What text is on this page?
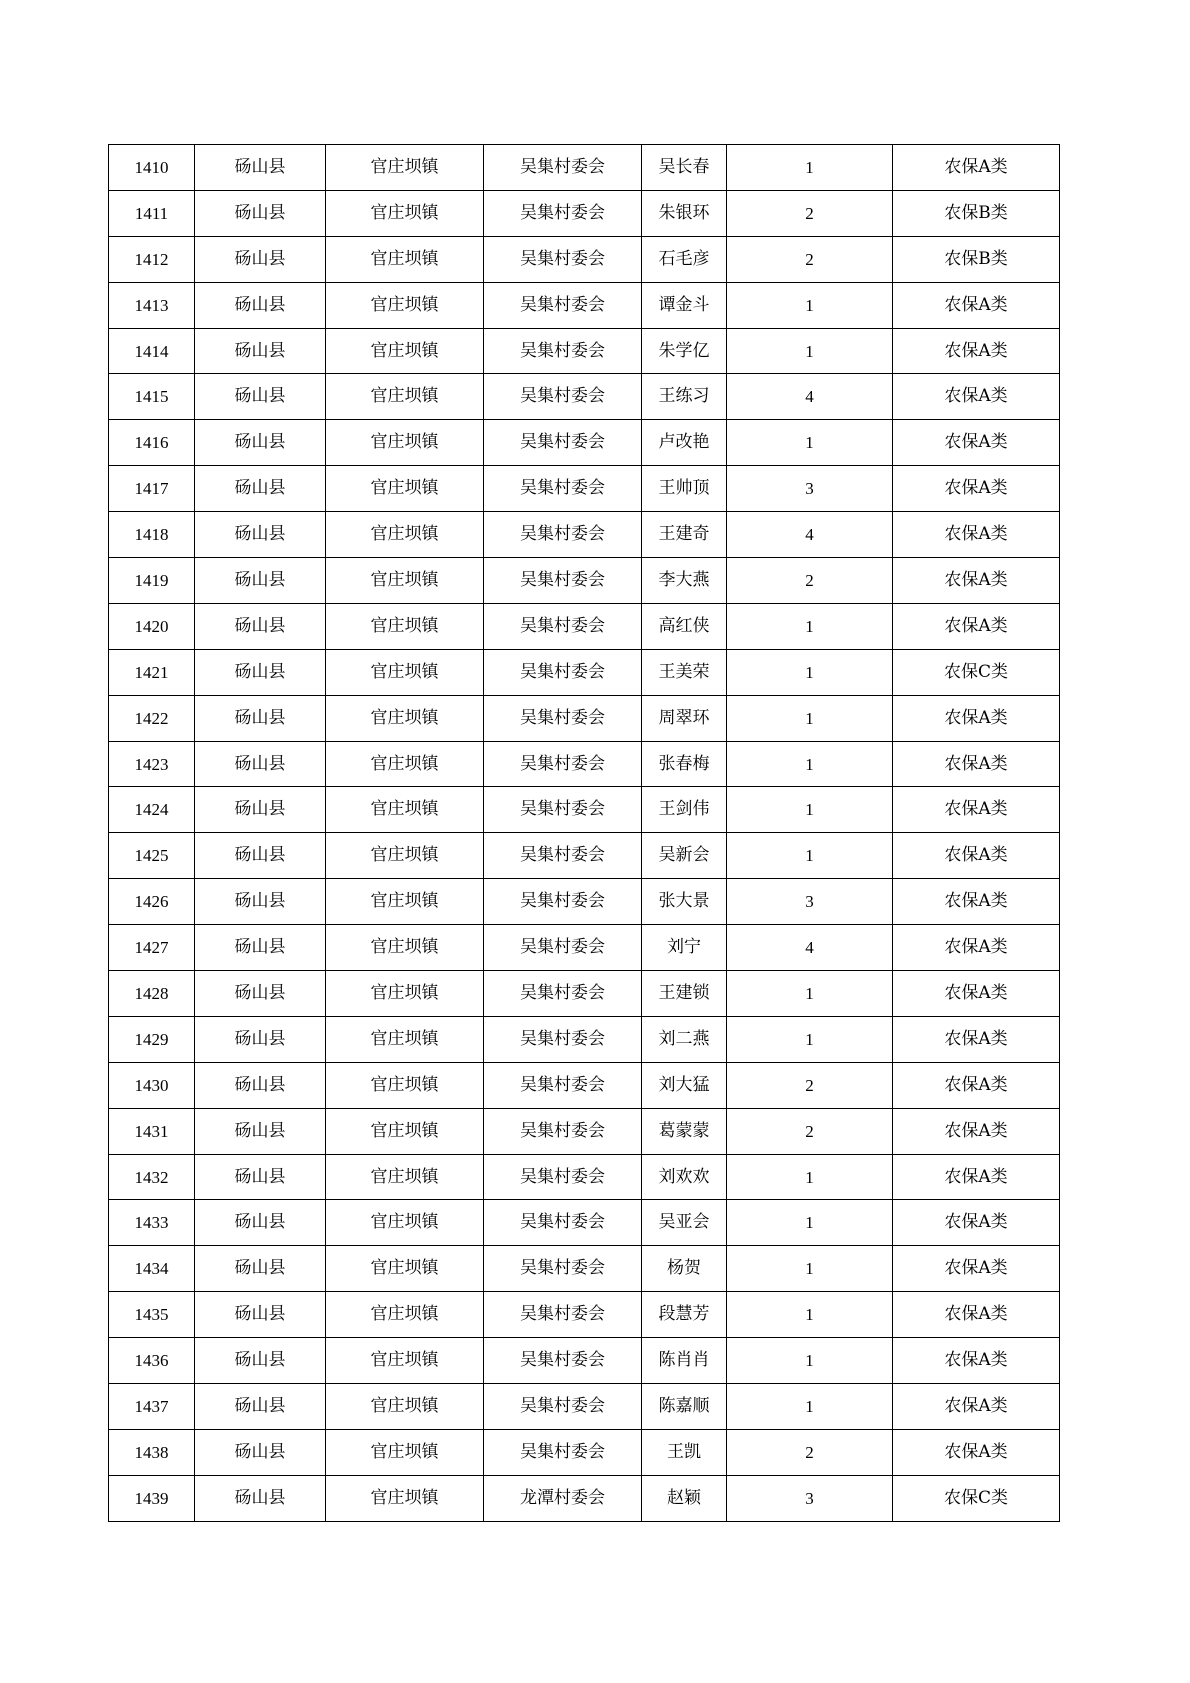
1410	砀山县	官庄坝镇	吴集村委会	吴长春	1	农保A类
1411	砀山县	官庄坝镇	吴集村委会	朱银环	2	农保B类
1412	砀山县	官庄坝镇	吴集村委会	石毛彦	2	农保B类
1413	砀山县	官庄坝镇	吴集村委会	谭金斗	1	农保A类
1414	砀山县	官庄坝镇	吴集村委会	朱学亿	1	农保A类
1415	砀山县	官庄坝镇	吴集村委会	王练习	4	农保A类
1416	砀山县	官庄坝镇	吴集村委会	卢改艳	1	农保A类
1417	砀山县	官庄坝镇	吴集村委会	王帅顶	3	农保A类
1418	砀山县	官庄坝镇	吴集村委会	王建奇	4	农保A类
1419	砀山县	官庄坝镇	吴集村委会	李大燕	2	农保A类
1420	砀山县	官庄坝镇	吴集村委会	高红侠	1	农保A类
1421	砀山县	官庄坝镇	吴集村委会	王美荣	1	农保C类
1422	砀山县	官庄坝镇	吴集村委会	周翠环	1	农保A类
1423	砀山县	官庄坝镇	吴集村委会	张春梅	1	农保A类
1424	砀山县	官庄坝镇	吴集村委会	王剑伟	1	农保A类
1425	砀山县	官庄坝镇	吴集村委会	吴新会	1	农保A类
1426	砀山县	官庄坝镇	吴集村委会	张大景	3	农保A类
1427	砀山县	官庄坝镇	吴集村委会	刘宁	4	农保A类
1428	砀山县	官庄坝镇	吴集村委会	王建锁	1	农保A类
1429	砀山县	官庄坝镇	吴集村委会	刘二燕	1	农保A类
1430	砀山县	官庄坝镇	吴集村委会	刘大猛	2	农保A类
1431	砀山县	官庄坝镇	吴集村委会	葛蒙蒙	2	农保A类
1432	砀山县	官庄坝镇	吴集村委会	刘欢欢	1	农保A类
1433	砀山县	官庄坝镇	吴集村委会	吴亚会	1	农保A类
1434	砀山县	官庄坝镇	吴集村委会	杨贺	1	农保A类
1435	砀山县	官庄坝镇	吴集村委会	段慧芳	1	农保A类
1436	砀山县	官庄坝镇	吴集村委会	陈肖肖	1	农保A类
1437	砀山县	官庄坝镇	吴集村委会	陈嘉顺	1	农保A类
1438	砀山县	官庄坝镇	吴集村委会	王凯	2	农保A类
1439	砀山县	官庄坝镇	龙潭村委会	赵颖	3	农保C类
